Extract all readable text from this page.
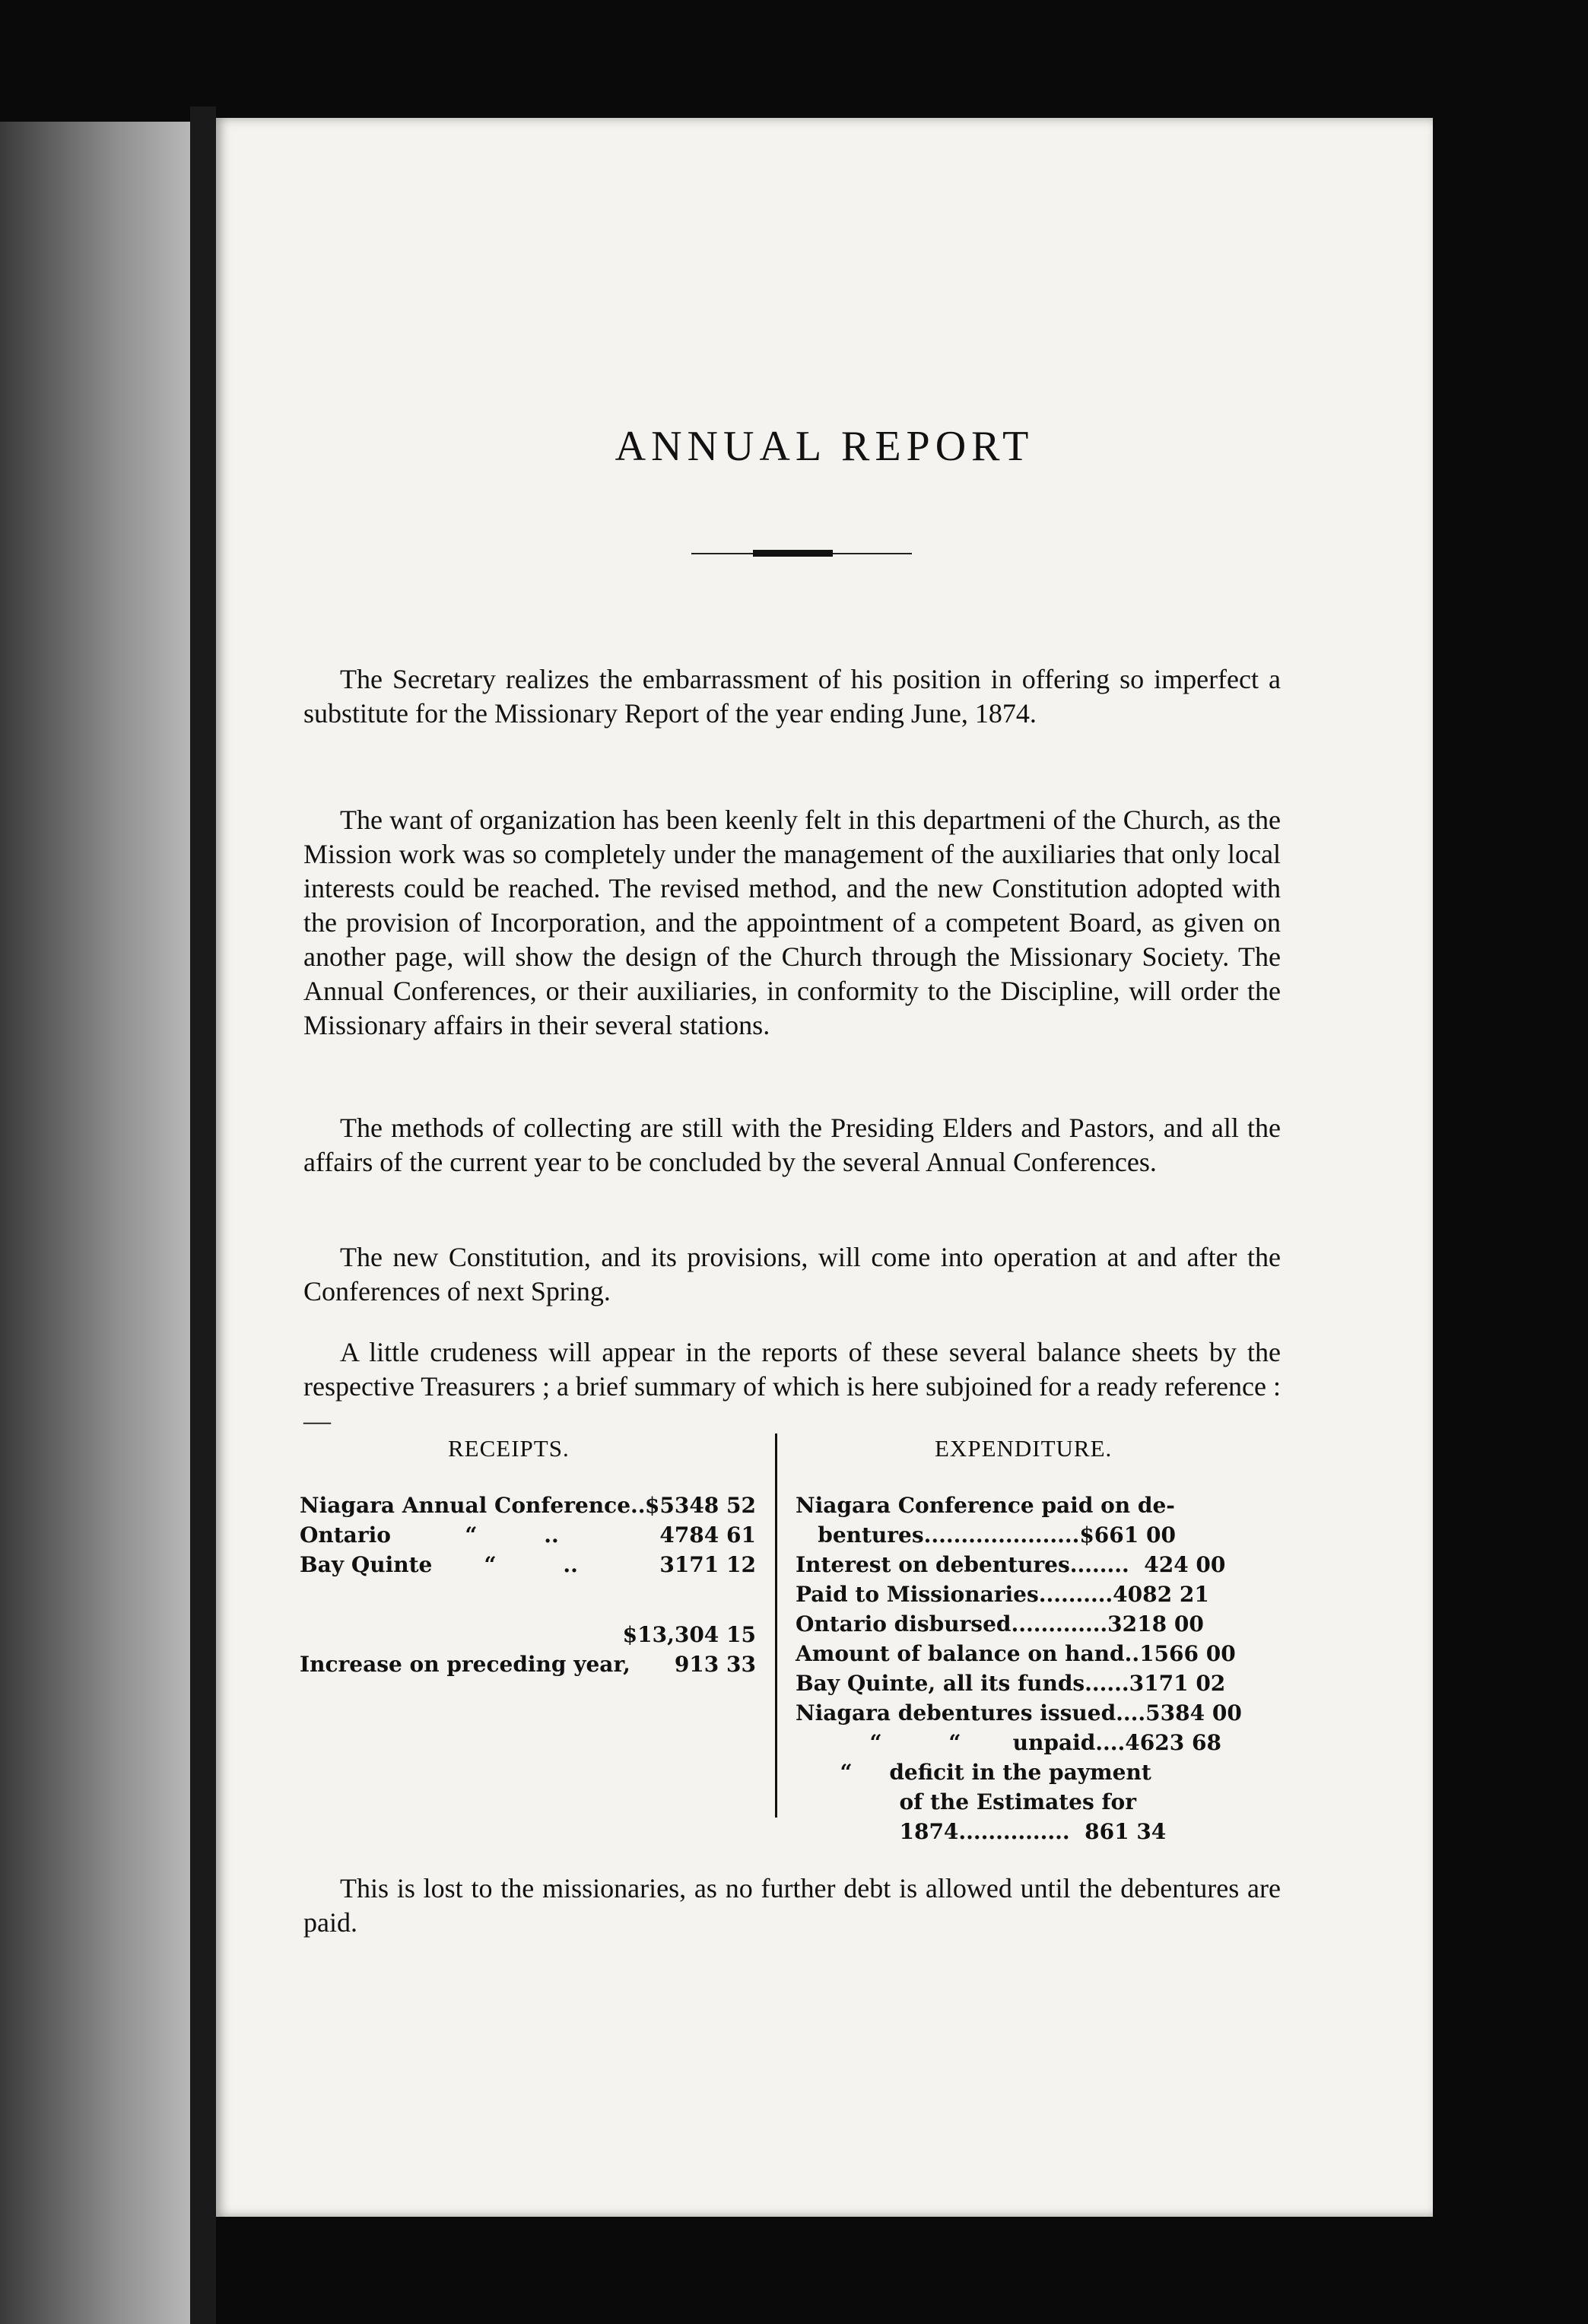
ANNUAL REPORT

The Secretary realizes the embarrassment of his position in offering so imperfect a substitute for the Missionary Report of the year ending June, 1874.

The want of organization has been keenly felt in this departmeni of the Church, as the Mission work was so completely under the management of the auxiliaries that only local interests could be reached. The revised method, and the new Constitution adopted with the provision of Incorporation, and the appointment of a competent Board, as given on another page, will show the design of the Church through the Missionary Society. The Annual Conferences, or their auxiliaries, in conformity to the Discipline, will order the Missionary affairs in their several stations.

The methods of collecting are still with the Presiding Elders and Pastors, and all the affairs of the current year to be concluded by the several Annual Conferences.

The new Constitution, and its provisions, will come into operation at and after the Conferences of next Spring.

A little crudeness will appear in the reports of these several balance sheets by the respective Treasurers ; a brief summary of which is here subjoined for a ready reference :—

RECEIPTS.	EXPENDITURE.
Niagara Annual Conference.. $5348 52
Ontario          “         ..	4784 61
Bay Quinte       “         ..	3171 12
$13,304 15
Increase on preceding year,	913 33
Niagara Conference paid on de-
bentures.....................$661 00
Interest on debentures........  424 00
Paid to Missionaries..........4082 21
Ontario disbursed.............3218 00
Amount of balance on hand..1566 00
Bay Quinte, all its funds......3171 02
Niagara debentures issued....5384 00
“         “       unpaid....4623 68
“     deficit in the payment
of the Estimates for
1874...............  861 34

This is lost to the missionaries, as no further debt is allowed until the debentures are paid.
